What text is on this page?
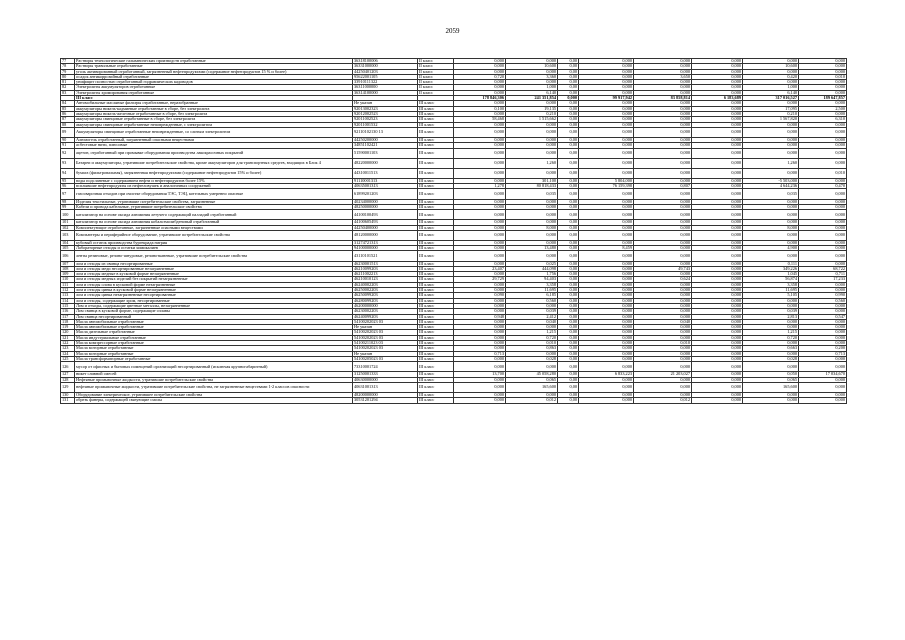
2059
77	Растворы технологические гальванических производств отработанные	36318100006	II класс	0,000	0,000	0,00	0,000	0,000	0,000	0,000	0,000
78	Растворы травильные отработанные	36331000000	II класс	0,000	10,600	0,00	0,000	0,000	0,000	10,600	0,000
79	уголь активированный отработанный, загрязненный нефтепродуктами (содержание нефтепродуктов 15 % и более)	44250401203	II класс	0,000	0,000	0,00	0,000	0,000	0,000	0,000	0,000
80	осадок антикоррозийный отработанные	95622001105	II класс	0,720	3,360	0,00	0,000	3,650	0,000	0,420	0,010
81	унифицит полностью отработанный гидравлических кадоводов	33910111322	II класс	0,000	0,000	0,00	0,000	0,000	0,000	0,000	0,000
82	Электролиты аккумуляторов отработанные	36311000000	II класс	0,000	1,000	0,00	0,000	0,000	0,000	1,000	0,000
83	Электролиты хромирования отработанные	36314100000	II класс	0,000	6,140	0,00	0,000	0,000	0,000	6,140	0,000
	III класс			178 846,306	241 351,854	0,000	99 917,942	83 858,814	6 183,689	317 016,527	189 647,857
84	Автомобильные масляные фильтры отработанные, неразобранные	Не указан	III класс	0,000	0,000	0,00	0,000	0,000	0,000	0,000	0,000
85	аккумуляторы никель-кадмиевые отработанные в сборе, без электролита	92013002323	III класс	0,100	19,135	0,00	0,000	0,000	0,000	17,095	2,500
86	аккумуляторы никель-железные отработанные в сборе, без электролита	92012002523	III класс	0,000	0,210	0,00	0,000	0,000	0,000	0,210	0,000
87	аккумуляторы свинцовые отработанные в сборе, без электролита	92011002523	III класс	58,468	1 515,662	0,00	0,000	0,000	0,000	1 567,820	6,310
88	аккумуляторы свинцовые отработанные неповрежденные, с электролитом	92011001532	III класс	0,000	0,000	0,00	0,000	0,000	0,000	0,000	0,000
89	Аккумуляторы свинцовые отработанные неповрежденные, со слитым электролитом	92110102130 13	III класс	0,000	0,000	0,00	0,000	0,000	0,000	0,000	0,000
90	Алюмогель отработанный, загрязненный опасными веществами	44250200000	III класс	0,000	0,000	0,00	0,000	0,000	0,000	0,000	0,000
91	асбестовые нити, плюсовые	34851102421	III класс	0,000	0,000	0,00	0,000	0,000	0,000	0,000	0,000
92	ацетон, отработанный при промывке оборудования производства лакокрасочных покрытий	51590001103	III класс	0,000	0,000	0,00	0,000	0,000	0,000	0,000	0,000
93	Батареи и аккумуляторы, утратившие потребительские свойства, кроме аккумуляторов для транспортных средств, входящих в Блок 4	48220000000	III класс	0,000	1,260	0,00	0,000	0,000	0,000	1,260	0,000
94	бумага (фильтровальная), загрязненная нефтепродуктами (содержание нефтепродуктов 15% и более)	44310011513	III класс	0,000	0,000	0,00	0,000	0,000	0,000	0,000	0,010
95	воды подсланевые с содержанием нефти и нефтепродуктов более 15%	91110001313	III класс	0,000	301,100	0,00	5 804,000	0,000	0,000	-5 503,000	0,000
96	всплывшие нефтепродукты из нефтеловушек и аналогичных сооружений	40635001313	III класс	1,278	80 818,433	0,00	76 159,398	0,807	0,000	4 644,236	0,470
97	газосварочная отходов при очистке оборудования ТЭС, ТЭЦ, котельных умеренно опасные	61899201203	III класс	0,000	0,035	0,00	0,000	0,000	0,000	0,035	0,000
98	Изделия текстильные, утратившие потребительские свойства, загрязненные	40234000000	III класс	0,000	0,000	0,00	0,000	0,000	0,000	0,000	0,000
99	Кабели и провода кабельные, утратившие потребительские свойства	48250000000	III класс	0,000	0,000	0,00	0,000	0,000	0,000	0,000	0,000
100	катализатор на основе оксида алюминия летучего содержащий палладий отработанный	44100100493	III класс	0,000	0,000	0,00	0,000	0,000	0,000	0,000	0,000
101	катализатор на основе оксида алюминия кобальтмолибденовый отработанный	44100605493	III класс	0,000	0,000	0,00	0,000	0,000	0,000	0,000	0,000
102	Комплектующие отработанные, загрязненные опасными веществами	44250400000	III класс	0,000	8,000	0,00	0,000	0,000	0,000	8,000	0,000
103	Компьютеры и периферийное оборудование, утратившие потребительские свойства	48120000000	III класс	0,000	0,000	0,00	0,000	0,000	0,000	0,000	0,000
104	кубовый остаток производства бургекрада натрия	31274721313	III класс	0,000	0,000	0,00	0,000	0,000	0,000	0,000	0,000
105	Лабораторные отходы и остатки химикалиев	94100000000	III класс	0,000	13,480	0,00	8,459	0,000	0,000	4,900	0,000
106	ленты резиновые, резино-шнуровые, резинотканевые, утратившие потребительские свойства	43110101521	III класс	0,000	0,000	0,00	0,000	0,000	0,000	0,000	0,000
107	лом и отходы из свинца несортированные	46230001513	III класс	0,000	0,025	0,00	0,000	0,000	0,000	0,111	0,000
108	лом и отходы меди несортированные незагрязненные	46210099203	III класс	23,407	444,098	0,00	0,000	49,743	0,000	349,226	68,722
109	лом и отходы медные в кусковой форме незагрязненные	46211002213	III класс	0,000	1,756	0,00	0,000	0,000	0,000	1,045	0,711
110	лом и отходы медных изделий без покрытий незагрязненные	46210010123	III класс	29,729	94,403	0,00	0,000	0,624	0,000	56,874	17,233
111	лом и отходы олова в кусковой форме незагрязненные	46240002203	III класс	0,000	3,358	0,00	0,000	0,000	0,000	3,358	0,000
112	лом и отходы цинка в кусковой форме незагрязненные	46250002203	III класс	0,000	11,695	0,00	0,000	0,000	0,000	11,695	0,000
113	лом и отходы цинка незагрязненные несортированные	46250099203	III класс	0,090	6,185	0,00	0,000	0,000	0,000	5,105	0,990
114	лом и отходы, содержащие хром, несортированные	46280099203	III класс	0,000	0,560	0,00	0,000	0,000	0,000	0,000	0,560
115	Лом и отходы, содержащие цветные металлы, незагрязненные	46200000000	III класс	0,000	0,000	0,00	0,000	0,000	0,000	0,000	0,000
116	Лом свинца в кусковой форме, содержащие сплавы	46230002203	III класс	0,000	0,039	0,00	0,000	0,000	0,000	0,039	0,000
117	Лом свинца несортированный	46240099203	III класс	0,948	2,412	0,00	0,000	0,000	0,000	2,813	0,547
118	Масла автомобильные отработанные	54100202023 03	III класс	0,000	0,040	0,00	0,000	0,040	0,000	0,000	0,000
119	Масла автомобильные отработанные	Не указан	III класс	0,000	0,000	0,00	0,000	0,000	0,000	0,000	0,000
120	Масла дизельные отработанные	54100202023 03	III класс	0,000	1,215	0,00	0,000	0,000	0,000	1,215	0,000
121	Масла индустриальные отработанные	54100202023 03	III класс	0,000	0,720	0,00	0,000	0,000	0,000	0,720	0,000
122	Масла компрессорные отработанные	54100211023 03	III класс	0,000	0,010	0,00	0,000	0,010	0,000	0,000	0,000
123	Масла моторные отработанные	54100202023 03	III класс	0,000	0,863	0,00	0,000	0,000	0,000	0,663	0,200
124	Масла моторные отработанные	Не указан	III класс	0,713	0,000	0,00	0,000	0,000	0,000	0,000	0,713
125	Масла трансформаторные отработанные	54100205023 03	III класс	0,000	0,028	0,00	0,000	0,000	0,000	0,028	0,000
126	мусор от офисных и бытовых помещений организаций несортированный (исключая крупногабаритный)	73310001724	III класс	0,000	0,000	0,00	0,000	0,000	0,000	0,000	0,000
127	никет сливной смесей	31250001333	III класс	13,700	45 058,280	0,00	6 833,223	21 203,027	0,000	0,050	17 034,670
128	Нефтяные промывочные жидкости, утратившие потребительские свойства	40630000000	III класс	0,000	0,065	0,00	0,000	0,000	0,000	0,065	0,000
129	нефтяные промывочные жидкости, утратившие потребительские свойства, не загрязненные веществами 1-2 классов опасности	40631001313	III класс	0,000	165,600	0,00	0,000	0,000	0,000	165,600	0,000
130	Оборудование электрическое, утратившее потребительские свойства	48200000000	III класс	0,000	0,000	0,00	0,000	0,000	0,000	0,000	0,000
131	обрезь фанеры, содержащей связующие смолы	30531201294	III класс	0,000	0,012	0,00	0,000	0,012	0,000	0,000	0,000
